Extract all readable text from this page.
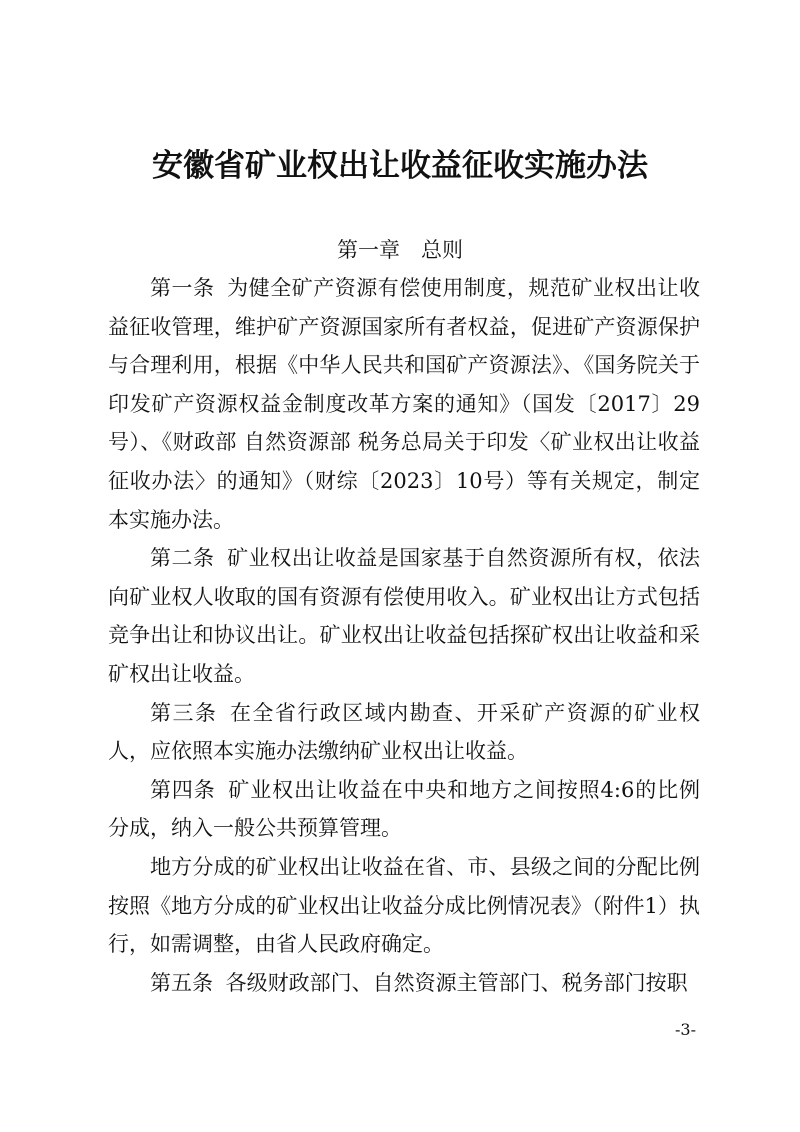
安徽省矿业权出让收益征收实施办法
第一章　总则

第一条 为健全矿产资源有偿使用制度，规范矿业权出让收益征收管理，维护矿产资源国家所有者权益，促进矿产资源保护与合理利用，根据《中华人民共和国矿产资源法》、《国务院关于印发矿产资源权益金制度改革方案的通知》（国发〔2017〕29号）、《财政部 自然资源部 税务总局关于印发〈矿业权出让收益征收办法〉的通知》（财综〔2023〕10号）等有关规定，制定本实施办法。

第二条 矿业权出让收益是国家基于自然资源所有权，依法向矿业权人收取的国有资源有偿使用收入。矿业权出让方式包括竞争出让和协议出让。矿业权出让收益包括探矿权出让收益和采矿权出让收益。

第三条 在全省行政区域内勘查、开采矿产资源的矿业权人，应依照本实施办法缴纳矿业权出让收益。

第四条 矿业权出让收益在中央和地方之间按照4:6的比例分成，纳入一般公共预算管理。

地方分成的矿业权出让收益在省、市、县级之间的分配比例按照《地方分成的矿业权出让收益分成比例情况表》（附件1）执行，如需调整，由省人民政府确定。

第五条 各级财政部门、自然资源主管部门、税务部门按职

-3-
